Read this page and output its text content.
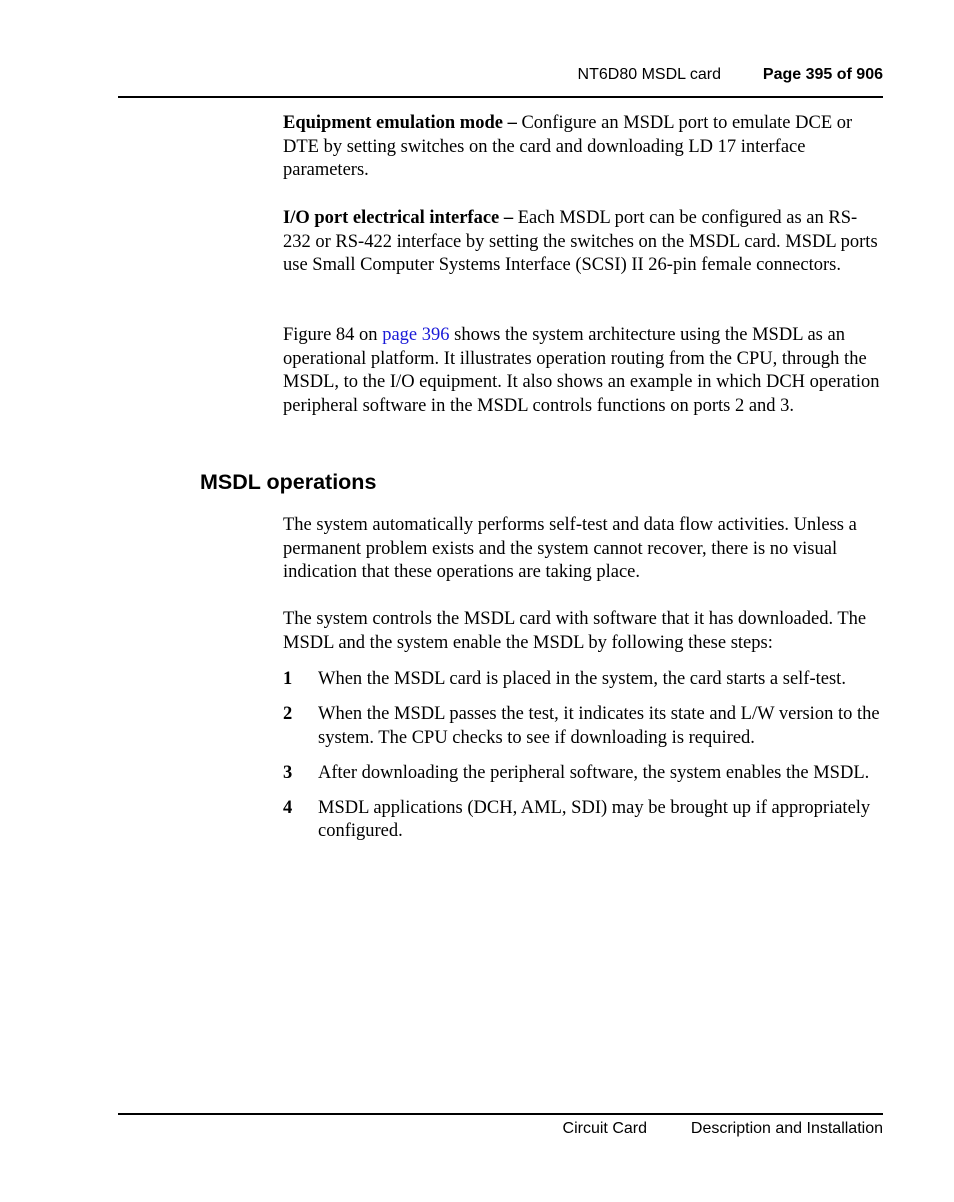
NT6D80 MSDL card	Page 395 of 906

Equipment emulation mode – Configure an MSDL port to emulate DCE or DTE by setting switches on the card and downloading LD 17 interface parameters.

I/O port electrical interface – Each MSDL port can be configured as an RS-232 or RS-422 interface by setting the switches on the MSDL card. MSDL ports use Small Computer Systems Interface (SCSI) II 26-pin female connectors.

Figure 84 on page 396 shows the system architecture using the MSDL as an operational platform. It illustrates operation routing from the CPU, through the MSDL, to the I/O equipment. It also shows an example in which DCH operation peripheral software in the MSDL controls functions on ports 2 and 3.

MSDL operations

The system automatically performs self-test and data flow activities. Unless a permanent problem exists and the system cannot recover, there is no visual indication that these operations are taking place.

The system controls the MSDL card with software that it has downloaded. The MSDL and the system enable the MSDL by following these steps:

1 When the MSDL card is placed in the system, the card starts a self-test.
2 When the MSDL passes the test, it indicates its state and L/W version to the system. The CPU checks to see if downloading is required.
3 After downloading the peripheral software, the system enables the MSDL.
4 MSDL applications (DCH, AML, SDI) may be brought up if appropriately configured.
Circuit Card	Description and Installation
